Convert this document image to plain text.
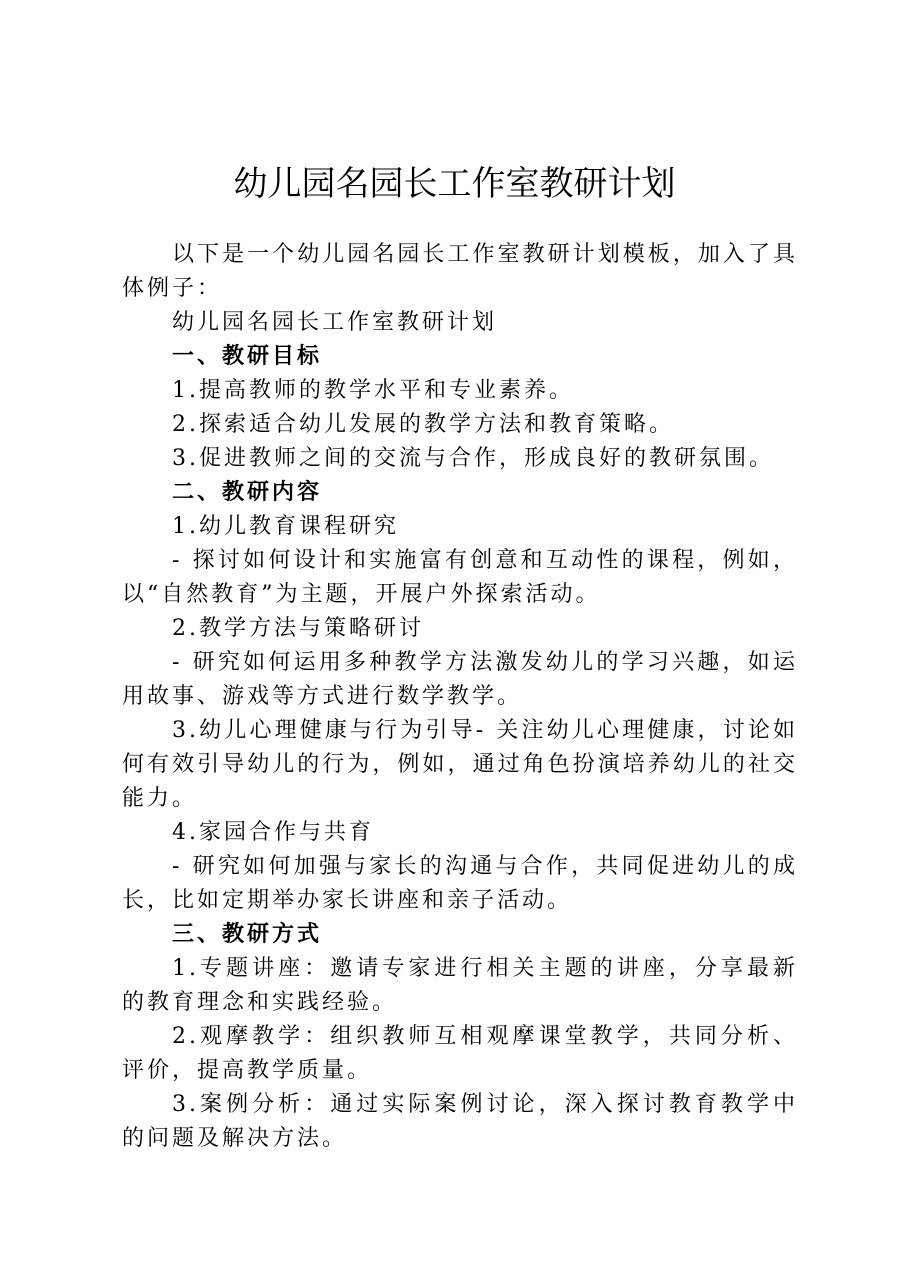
幼儿园名园长工作室教研计划

以下是一个幼儿园名园长工作室教研计划模板，加入了具体例子：

幼儿园名园长工作室教研计划

一、教研目标

1.提高教师的教学水平和专业素养。

2.探索适合幼儿发展的教学方法和教育策略。

3.促进教师之间的交流与合作，形成良好的教研氛围。

二、教研内容

1.幼儿教育课程研究

- 探讨如何设计和实施富有创意和互动性的课程，例如，以“自然教育”为主题，开展户外探索活动。

2.教学方法与策略研讨

- 研究如何运用多种教学方法激发幼儿的学习兴趣，如运用故事、游戏等方式进行数学教学。

3.幼儿心理健康与行为引导- 关注幼儿心理健康，讨论如何有效引导幼儿的行为，例如，通过角色扮演培养幼儿的社交能力。

4.家园合作与共育

- 研究如何加强与家长的沟通与合作，共同促进幼儿的成长，比如定期举办家长讲座和亲子活动。

三、教研方式

1.专题讲座：邀请专家进行相关主题的讲座，分享最新的教育理念和实践经验。

2.观摩教学：组织教师互相观摩课堂教学，共同分析、评价，提高教学质量。

3.案例分析：通过实际案例讨论，深入探讨教育教学中的问题及解决方法。
